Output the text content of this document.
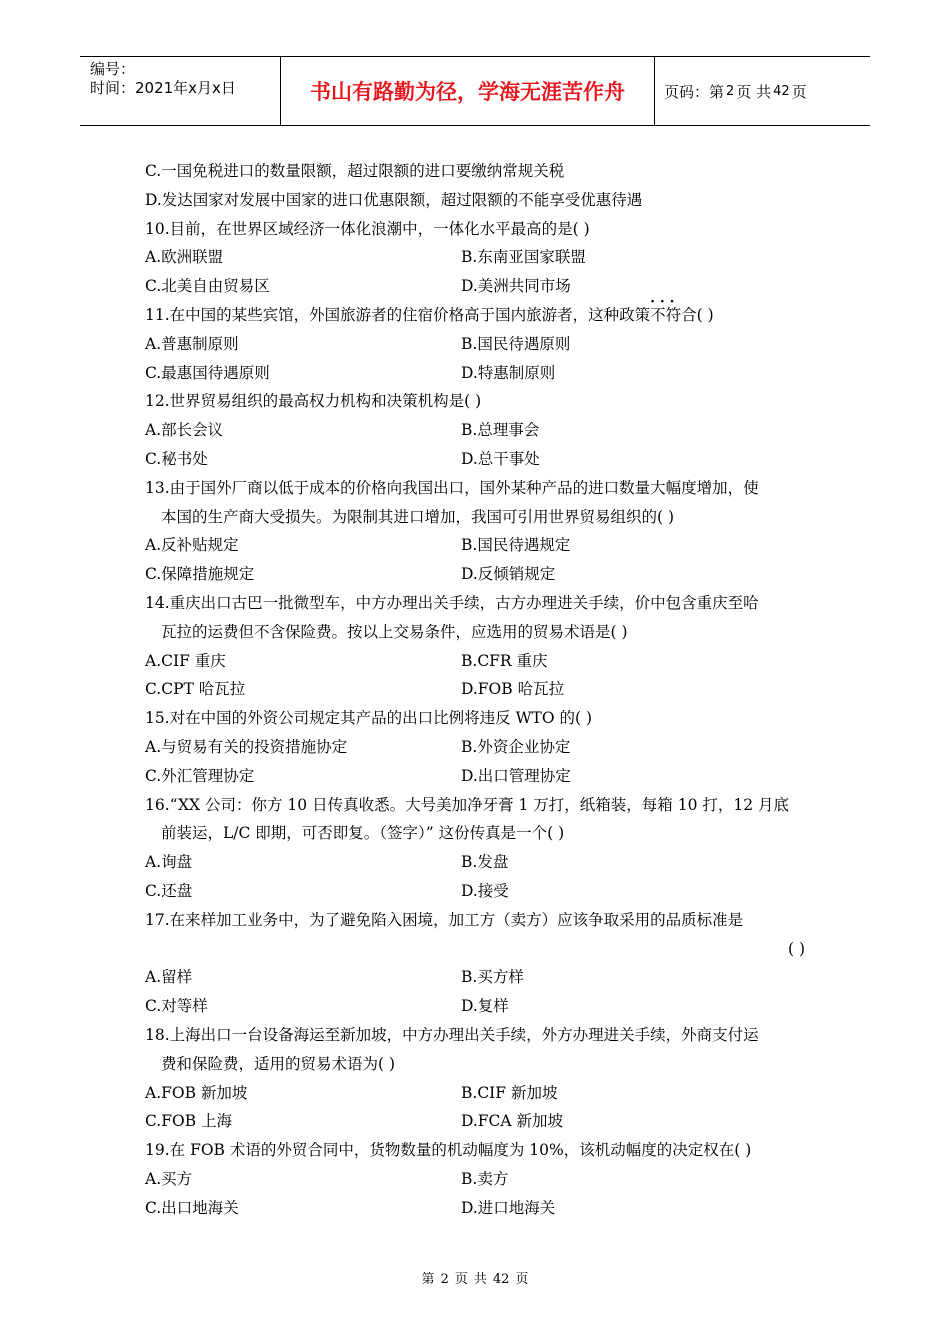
编号：
时间：2021年x月x日	书山有路勤为径，学海无涯苦作舟	页码：第 2 页 共 42 页
C.一国免税进口的数量限额，超过限额的进口要缴纳常规关税
D.发达国家对发展中国家的进口优惠限额，超过限额的不能享受优惠待遇
10.目前，在世界区域经济一体化浪潮中，一体化水平最高的是( )
A.欧洲联盟	B.东南亚国家联盟
C.北美自由贸易区	D.美洲共同市场
11.在中国的某些宾馆，外国旅游者的住宿价格高于国内旅游者，这种政策· · · 不符合( )
A.普惠制原则	B.国民待遇原则
C.最惠国待遇原则	D.特惠制原则
12.世界贸易组织的最高权力机构和决策机构是( )
A.部长会议	B.总理事会
C.秘书处	D.总干事处
13.由于国外厂商以低于成本的价格向我国出口，国外某种产品的进口数量大幅度增加，使
本国的生产商大受损失。为限制其进口增加，我国可引用世界贸易组织的( )
A.反补贴规定	B.国民待遇规定
C.保障措施规定	D.反倾销规定
14.重庆出口古巴一批微型车，中方办理出关手续，古方办理进关手续，价中包含重庆至哈
瓦拉的运费但不含保险费。按以上交易条件，应选用的贸易术语是( )
A.CIF 重庆	B.CFR 重庆
C.CPT 哈瓦拉	D.FOB 哈瓦拉
15.对在中国的外资公司规定其产品的出口比例将违反 WTO 的( )
A.与贸易有关的投资措施协定	B.外资企业协定
C.外汇管理协定	D.出口管理协定
16.“XX 公司：你方 10 日传真收悉。大号美加净牙膏 1 万打，纸箱装，每箱 10 打，12 月底
前装运，L/C 即期，可否即复。（签字）” 这份传真是一个( )
A.询盘	B.发盘
C.还盘	D.接受
17.在来样加工业务中，为了避免陷入困境，加工方（卖方）应该争取采用的品质标准是
( )
A.留样	B.买方样
C.对等样	D.复样
18.上海出口一台设备海运至新加坡，中方办理出关手续，外方办理进关手续，外商支付运
费和保险费，适用的贸易术语为( )
A.FOB 新加坡	B.CIF 新加坡
C.FOB 上海	D.FCA 新加坡
19.在 FOB 术语的外贸合同中，货物数量的机动幅度为 10%，该机动幅度的决定权在( )
A.买方	B.卖方
C.出口地海关	D.进口地海关
第 2 页 共 42 页
